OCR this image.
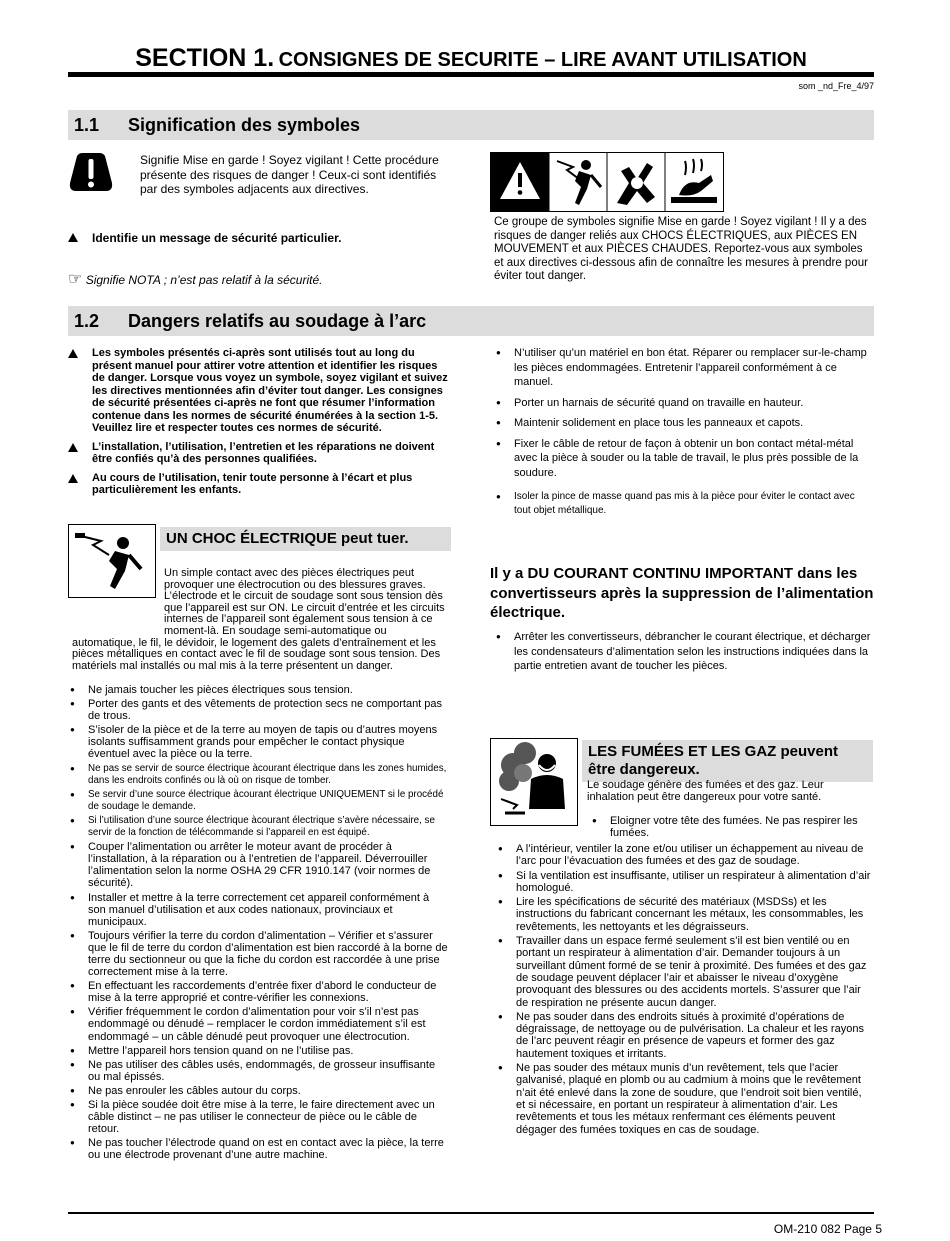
SECTION 1. CONSIGNES DE SECURITE – LIRE AVANT UTILISATION
som _nd_Fre_4/97
1.1 Signification des symboles
Signifie Mise en garde ! Soyez vigilant ! Cette procédure présente des risques de danger ! Ceux-ci sont identifiés par des symboles adjacents aux directives.
Identifie un message de sécurité particulier.
☞ Signifie NOTA ; n’est pas relatif à la sécurité.
Ce groupe de symboles signifie Mise en garde ! Soyez vigilant ! Il y a des risques de danger reliés aux CHOCS ÉLECTRIQUES, aux PIÈCES EN MOUVEMENT et aux PIÈCES CHAUDES. Reportez-vous aux symboles et aux directives ci-dessous afin de connaître les mesures à prendre pour éviter tout danger.
1.2 Dangers relatifs au soudage à l’arc
Les symboles présentés ci-après sont utilisés tout au long du présent manuel pour attirer votre attention et identifier les risques de danger. Lorsque vous voyez un symbole, soyez vigilant et suivez les directives mentionnées afin d’éviter tout danger. Les consignes de sécurité présentées ci-après ne font que résumer l’information contenue dans les normes de sécurité énumérées à la section 1-5. Veuillez lire et respecter toutes ces normes de sécurité.
L’installation, l’utilisation, l’entretien et les réparations ne doivent être confiés qu’à des personnes qualifiées.
Au cours de l’utilisation, tenir toute personne à l’écart et plus particulièrement les enfants.
UN CHOC ÉLECTRIQUE peut tuer.
Un simple contact avec des pièces électriques peut provoquer une électrocution ou des blessures graves. L’électrode et le circuit de soudage sont sous tension dès que l’appareil est sur ON. Le circuit d’entrée et les circuits internes de l’appareil sont également sous tension à ce moment-là. En soudage semi-automatique ou automatique, le fil, le dévidoir, le logement des galets d’entraînement et les pièces métalliques en contact avec le fil de soudage sont sous tension. Des matériels mal installés ou mal mis à la terre présentent un danger.
● Ne jamais toucher les pièces électriques sous tension.
● Porter des gants et des vêtements de protection secs ne comportant pas de trous.
● S’isoler de la pièce et de la terre au moyen de tapis ou d’autres moyens isolants suffisamment grands pour empêcher le contact physique éventuel avec la pièce ou la terre.
● Ne pas se servir de source électrique àcourant électrique dans les zones humides, dans les endroits confinés ou là où on risque de tomber.
● Se servir d’une source électrique àcourant électrique UNIQUEMENT si le procédé de soudage le demande.
● Si l’utilisation d’une source électrique àcourant électrique s’avère nécessaire, se servir de la fonction de télécommande si l’appareil en est équipé.
● Couper l’alimentation ou arrêter le moteur avant de procéder à l’installation, à la réparation ou à l’entretien de l’appareil. Déverrouiller l’alimentation selon la norme OSHA 29 CFR 1910.147 (voir normes de sécurité).
● Installer et mettre à la terre correctement cet appareil conformément à son manuel d’utilisation et aux codes nationaux, provinciaux et municipaux.
● Toujours vérifier la terre du cordon d’alimentation – Vérifier et s’assurer que le fil de terre du cordon d’alimentation est bien raccordé à la borne de terre du sectionneur ou que la fiche du cordon est raccordée à une prise correctement mise à la terre.
● En effectuant les raccordements d’entrée fixer d’abord le conducteur de mise à la terre approprié et contre-vérifier les connexions.
● Vérifier fréquemment le cordon d’alimentation pour voir s’il n’est pas endommagé ou dénudé – remplacer le cordon immédiatement s’il est endommagé – un câble dénudé peut provoquer une électrocution.
● Mettre l’appareil hors tension quand on ne l’utilise pas.
● Ne pas utiliser des câbles usés, endommagés, de grosseur insuffisante ou mal épissés.
● Ne pas enrouler les câbles autour du corps.
● Si la pièce soudée doit être mise à la terre, le faire directement avec un câble distinct – ne pas utiliser le connecteur de pièce ou le câble de retour.
● Ne pas toucher l’électrode quand on est en contact avec la pièce, la terre ou une électrode provenant d’une autre machine.
● N’utiliser qu’un matériel en bon état. Réparer ou remplacer sur-le-champ les pièces endommagées. Entretenir l’appareil conformément à ce manuel.
● Porter un harnais de sécurité quand on travaille en hauteur.
● Maintenir solidement en place tous les panneaux et capots.
● Fixer le câble de retour de façon à obtenir un bon contact métal-métal avec la pièce à souder ou la table de travail, le plus près possible de la soudure.
● Isoler la pince de masse quand pas mis à la pièce pour éviter le contact avec tout objet métallique.
Il y a DU COURANT CONTINU IMPORTANT dans les convertisseurs après la suppression de l’alimentation électrique.
● Arrêter les convertisseurs, débrancher le courant électrique, et décharger les condensateurs d’alimentation selon les instructions indiquées dans la partie entretien avant de toucher les pièces.
LES FUMÉES ET LES GAZ peuvent être dangereux.
Le soudage génère des fumées et des gaz. Leur inhalation peut être dangereux pour votre santé.
● Eloigner votre tête des fumées. Ne pas respirer les fumées.
● A l’intérieur, ventiler la zone et/ou utiliser un échappement au niveau de l’arc pour l’évacuation des fumées et des gaz de soudage.
● Si la ventilation est insuffisante, utiliser un respirateur à alimentation d’air homologué.
● Lire les spécifications de sécurité des matériaux (MSDSs) et les instructions du fabricant concernant les métaux, les consommables, les revêtements, les nettoyants et les dégraisseurs.
● Travailler dans un espace fermé seulement s’il est bien ventilé ou en portant un respirateur à alimentation d’air. Demander toujours à un surveillant dûment formé de se tenir à proximité. Des fumées et des gaz de soudage peuvent déplacer l’air et abaisser le niveau d’oxygène provoquant des blessures ou des accidents mortels. S’assurer que l’air de respiration ne présente aucun danger.
● Ne pas souder dans des endroits situés à proximité d’opérations de dégraissage, de nettoyage ou de pulvérisation. La chaleur et les rayons de l’arc peuvent réagir en présence de vapeurs et former des gaz hautement toxiques et irritants.
● Ne pas souder des métaux munis d’un revêtement, tels que l’acier galvanisé, plaqué en plomb ou au cadmium à moins que le revêtement n’ait été enlevé dans la zone de soudure, que l’endroit soit bien ventilé, et si nécessaire, en portant un respirateur à alimentation d’air. Les revêtements et tous les métaux renfermant ces éléments peuvent dégager des fumées toxiques en cas de soudage.
OM-210 082 Page 5
